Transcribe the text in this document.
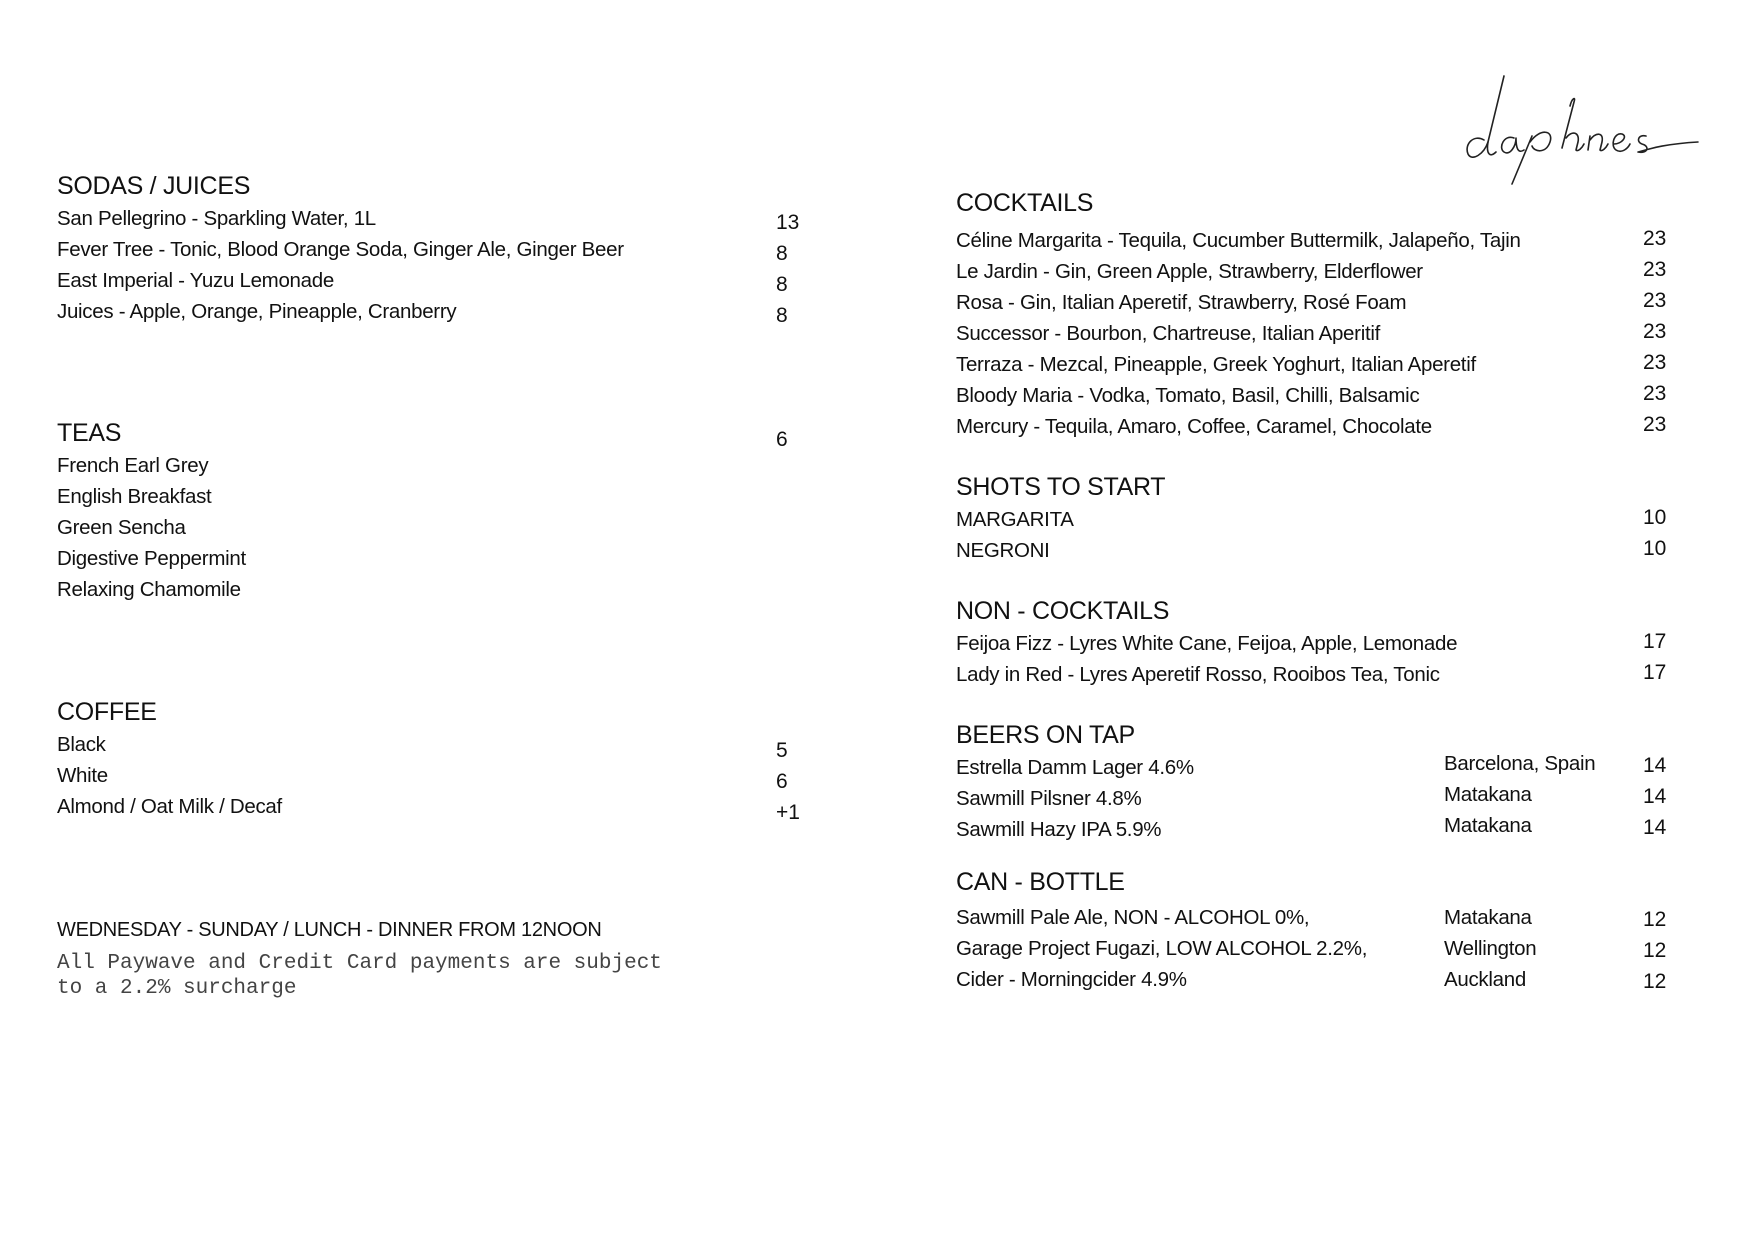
SODAS / JUICES
San Pellegrino - Sparkling Water, 1L	13
Fever Tree - Tonic, Blood Orange Soda, Ginger Ale, Ginger Beer	8
East Imperial - Yuzu Lemonade	8
Juices - Apple, Orange, Pineapple, Cranberry	8
TEAS	6
French Earl Grey
English Breakfast
Green Sencha
Digestive Peppermint
Relaxing Chamomile
COFFEE
Black	5
White	6
Almond / Oat Milk / Decaf	+1
WEDNESDAY - SUNDAY / LUNCH - DINNER FROM 12NOON
All Paywave and Credit Card payments are subject
to a 2.2% surcharge
COCKTAILS
Céline Margarita - Tequila, Cucumber Buttermilk, Jalapeño, Tajin	23
Le Jardin - Gin, Green Apple, Strawberry, Elderflower	23
Rosa - Gin, Italian Aperetif, Strawberry, Rosé Foam	23
Successor - Bourbon, Chartreuse, Italian Aperitif	23
Terraza - Mezcal, Pineapple, Greek Yoghurt, Italian Aperetif	23
Bloody Maria - Vodka, Tomato, Basil, Chilli, Balsamic	23
Mercury - Tequila, Amaro, Coffee, Caramel, Chocolate	23
SHOTS TO START
MARGARITA	10
NEGRONI	10
NON - COCKTAILS
Feijoa Fizz - Lyres White Cane, Feijoa, Apple, Lemonade	17
Lady in Red - Lyres Aperetif Rosso, Rooibos Tea, Tonic	17
BEERS ON TAP
Estrella Damm Lager 4.6%	Barcelona, Spain 14
Sawmill Pilsner 4.8%	Matakana	14
Sawmill Hazy IPA 5.9%	Matakana	14
CAN - BOTTLE
Sawmill Pale Ale, NON - ALCOHOL 0%,	Matakana	12
Garage Project Fugazi, LOW ALCOHOL 2.2%,	Wellington	12
Cider - Morningcider 4.9%	Auckland	12
